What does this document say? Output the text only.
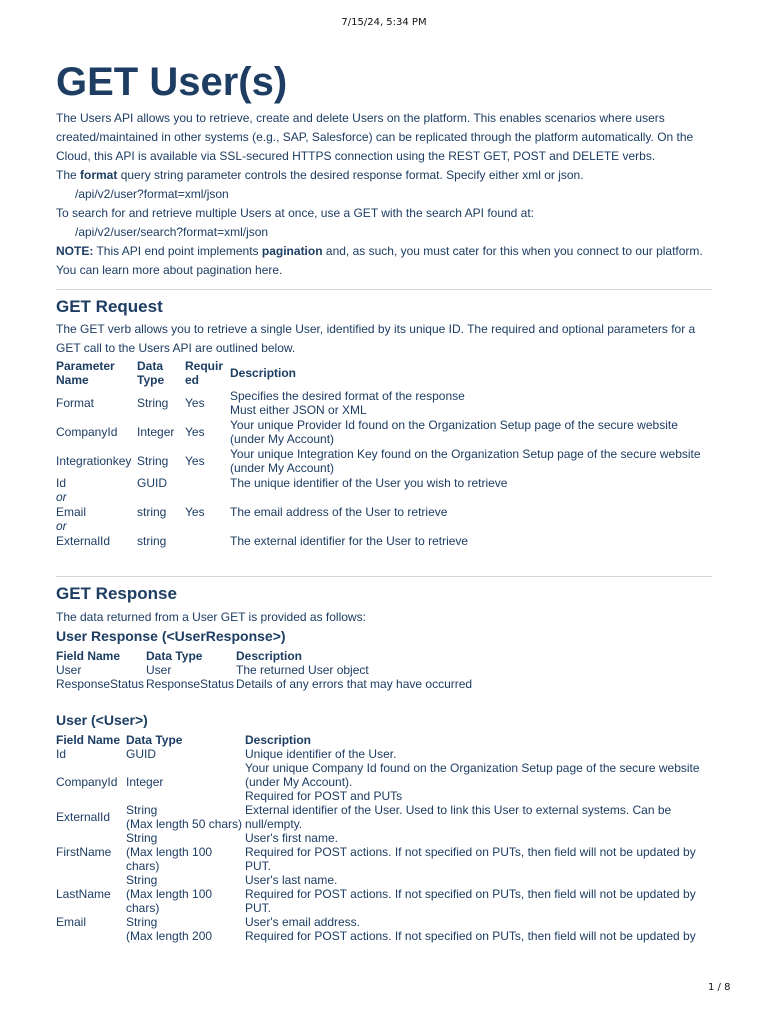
7/15/24, 5:34 PM
GET User(s)

The Users API allows you to retrieve, create and delete Users on the platform. This enables scenarios where users created/maintained in other systems (e.g., SAP, Salesforce) can be replicated through the platform automatically. On the Cloud, this API is available via SSL-secured HTTPS connection using the REST GET, POST and DELETE verbs.

The format query string parameter controls the desired response format. Specify either xml or json.

/api/v2/user?format=xml/json

To search for and retrieve multiple Users at once, use a GET with the search API found at:

/api/v2/user/search?format=xml/json

NOTE: This API end point implements pagination and, as such, you must cater for this when you connect to our platform. You can learn more about pagination here.

GET Request

The GET verb allows you to retrieve a single User, identified by its unique ID. The required and optional parameters for a GET call to the Users API are outlined below.

Parameter Name	Data Type	Requir ed	Description
Format	String	Yes	Specifies the desired format of the response
Must either JSON or XML
CompanyId	Integer	Yes	Your unique Provider Id found on the Organization Setup page of the secure website (under My Account)
Integrationkey	String	Yes	Your unique Integration Key found on the Organization Setup page of the secure website (under My Account)
Id	GUID		The unique identifier of the User you wish to retrieve
or			
Email	string	Yes	The email address of the User to retrieve
or			
ExternalId	string		The external identifier for the User to retrieve
GET Response

The data returned from a User GET is provided as follows:

User Response (<UserResponse>)
Field Name	Data Type	Description
User	User	The returned User object
ResponseStatus	ResponseStatus	Details of any errors that may have occurred
User (<User>)
Field Name	Data Type	Description
Id	GUID	Unique identifier of the User.
CompanyId	Integer	Your unique Company Id found on the Organization Setup page of the secure website (under My Account).
Required for POST and PUTs
ExternalId	String
(Max length 50 chars)	External identifier of the User. Used to link this User to external systems. Can be null/empty.
FirstName	String
(Max length 100 chars)	User's first name.
Required for POST actions. If not specified on PUTs, then field will not be updated by PUT.
LastName	String
(Max length 100 chars)	User's last name.
Required for POST actions. If not specified on PUTs, then field will not be updated by PUT.
Email	String
(Max length 200	User's email address.
Required for POST actions. If not specified on PUTs, then field will not be updated by
1 / 8
